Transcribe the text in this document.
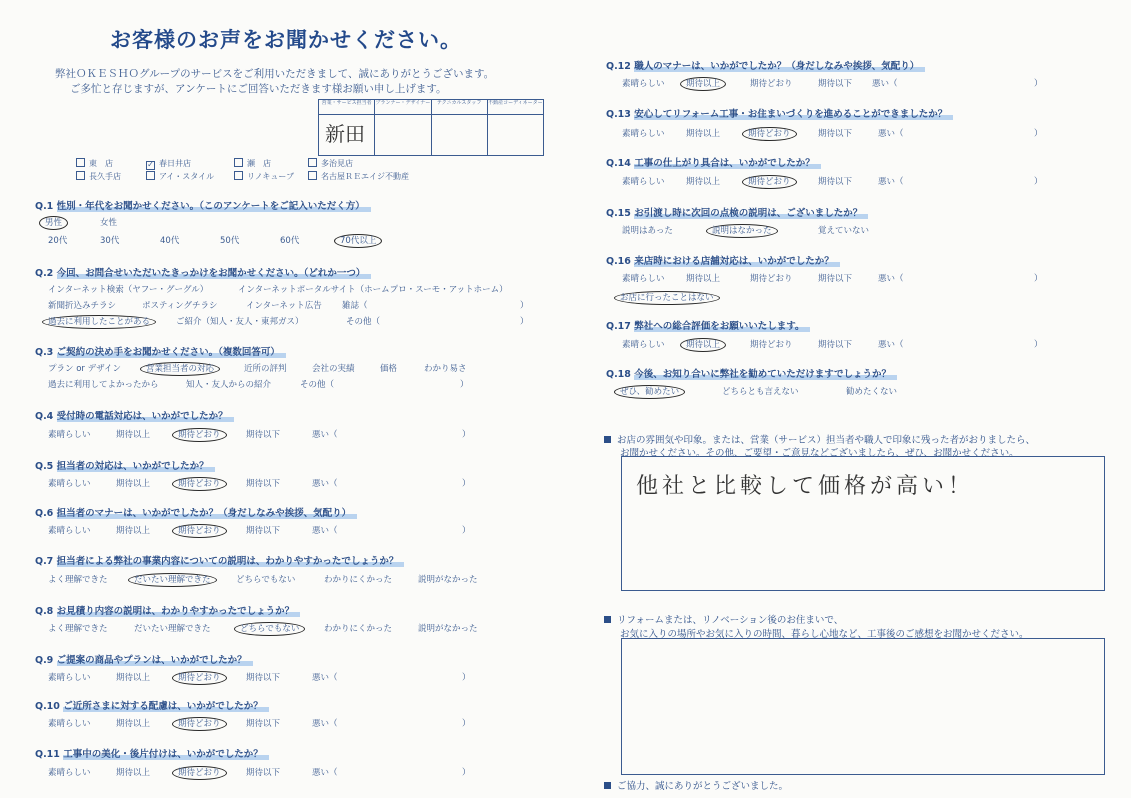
お客様のお声をお聞かせください。
弊社ＯＫＥＳＨＯグループのサービスをご利用いただきまして、誠にありがとうございます。
ご多忙と存じますが、アンケートにご回答いただきます様お願い申し上げます。
営業・サービス担当者
新田
プランナー・デザイナー	テクニカルスタッフ	不動産コーディネーター
東　店	✓ 春日井店	瀬　店	多治見店
長久手店	アイ・スタイル	リノキューブ	名古屋ＲＥエイジ不動産
Q.1 性別・年代をお聞かせください。（このアンケートをご記入いただく方）
男性	女性
20代	30代	40代	50代	60代	70代以上
Q.2 今回、お問合せいただいたきっかけをお聞かせください。（どれか一つ）
インターネット検索（ヤフー・グーグル）	インターネットポータルサイト（ホームプロ・スーモ・アットホーム）
新聞折込みチラシ	ポスティングチラシ	インターネット広告 雑誌（	）
過去に利用したことがある	ご紹介（知人・友人・東邦ガス）	その他（	）
Q.3 ご契約の決め手をお聞かせください。（複数回答可）
プラン or デザイン	営業担当者の対応	近所の評判	会社の実績	価格	わかり易さ
過去に利用してよかったから	知人・友人からの紹介	その他（	）
Q.4 受付時の電話対応は、いかがでしたか？
素晴らしい	期待以上	期待どおり	期待以下	悪い（	）
Q.5 担当者の対応は、いかがでしたか？
素晴らしい	期待以上	期待どおり	期待以下	悪い（	）
Q.6 担当者のマナーは、いかがでしたか？（身だしなみや挨拶、気配り）
素晴らしい	期待以上	期待どおり	期待以下	悪い（	）
Q.7 担当者による弊社の事業内容についての説明は、わかりやすかったでしょうか？
よく理解できた	だいたい理解できた	どちらでもない	わかりにくかった	説明がなかった
Q.8 お見積り内容の説明は、わかりやすかったでしょうか？
よく理解できた	だいたい理解できた	どちらでもない	わかりにくかった	説明がなかった
Q.9 ご提案の商品やプランは、いかがでしたか？
素晴らしい	期待以上	期待どおり	期待以下	悪い（	）
Q.10 ご近所さまに対する配慮は、いかがでしたか？
素晴らしい	期待以上	期待どおり	期待以下	悪い（	）
Q.11 工事中の美化・後片付けは、いかがでしたか？
素晴らしい	期待以上	期待どおり	期待以下	悪い（	）
Q.12 職人のマナーは、いかがでしたか？（身だしなみや挨拶、気配り）
素晴らしい	期待以上	期待どおり	期待以下 悪い（	）
Q.13 安心してリフォーム工事・お住まいづくりを進めることができましたか？
素晴らしい	期待以上	期待どおり	期待以下	悪い（	）
Q.14 工事の仕上がり具合は、いかがでしたか？
素晴らしい	期待以上	期待どおり	期待以下	悪い（	）
Q.15 お引渡し時に次回の点検の説明は、ございましたか？
説明はあった	説明はなかった	覚えていない
Q.16 来店時における店舗対応は、いかがでしたか？
素晴らしい	期待以上	期待どおり	期待以下	悪い（	）
お店に行ったことはない
Q.17 弊社への総合評価をお願いいたします。
素晴らしい	期待以上	期待どおり	期待以下	悪い（	）
Q.18 今後、お知り合いに弊社を勧めていただけますでしょうか？
ぜひ、勧めたい	どちらとも言えない	勧めたくない
お店の雰囲気や印象。または、営業（サービス）担当者や職人で印象に残った者がおりましたら、
お聞かせください。その他、ご要望・ご意見などございましたら、ぜひ、お聞かせください。
他社と比較して価格が高い！
リフォームまたは、リノベーション後のお住まいで、
お気に入りの場所やお気に入りの時間、暮らし心地など、工事後のご感想をお聞かせください。
ご協力、誠にありがとうございました。
